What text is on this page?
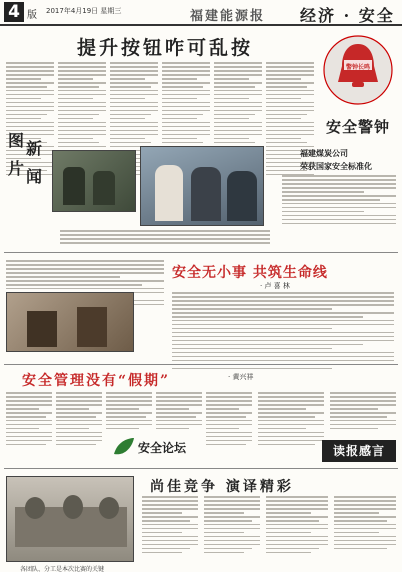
4 版 2017年4月19日 星期三	福建能源报 经济 · 安全
提升按钮咋可乱按
警钟长鸣
安全警钟
图 新
片 闻
福建煤炭公司
荣获国家安全标准化
安全无小事 共筑生命线
· 卢 喜 林
安全管理没有“假期”	· 黄兴祥
安全论坛	读报感言
各团队、分工是本次比赛的关键
尚佳竞争 演译精彩
